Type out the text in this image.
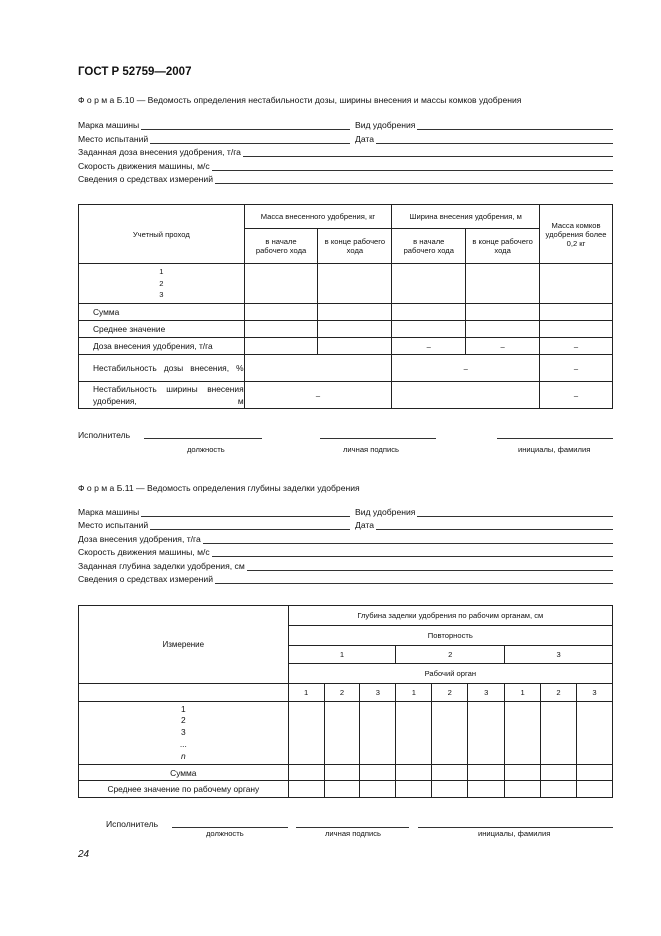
ГОСТ Р 52759—2007
Ф о р м а Б.10 — Ведомость определения нестабильности дозы, ширины внесения и массы комков удобрения
Марка машины	Вид удобрения
Место испытаний	Дата
Заданная доза внесения удобрения, т/га
Скорость движения машины, м/с
Сведения о средствах измерений
Учетный проход	Масса внесенного удобрения, кг		Ширина внесения удобрения, м		Масса комков удобрения более 0,2 кг
	в начале рабочего хода	в конце рабочего хода	в начале рабочего хода	в конце рабочего хода	

1
2
3					

Сумма					
Среднее значение					
Доза внесения удобрения, т/га			–	–	–

Нестабильность дозы внесения, %			–		–

Нестабильность ширины внесения удобрения, м	–				–
Исполнитель
должность	личная подпись	инициалы, фамилия
Ф о р м а Б.11 — Ведомость определения глубины заделки удобрения
Марка машины	Вид удобрения
Место испытаний	Дата
Доза внесения удобрения, т/га
Скорость движения машины, м/с
Заданная глубина заделки удобрения, см
Сведения о средствах измерений
Измерение	Глубина заделки удобрения по рабочим органам, см								
	Повторность								
	1			2			3		
	Рабочий орган								
	1	2	3	1	2	3	1	2	3

1
2
3
...
n									

Сумма									
Среднее значение по рабочему органу									
Исполнитель
должность	личная подпись	инициалы, фамилия
24
